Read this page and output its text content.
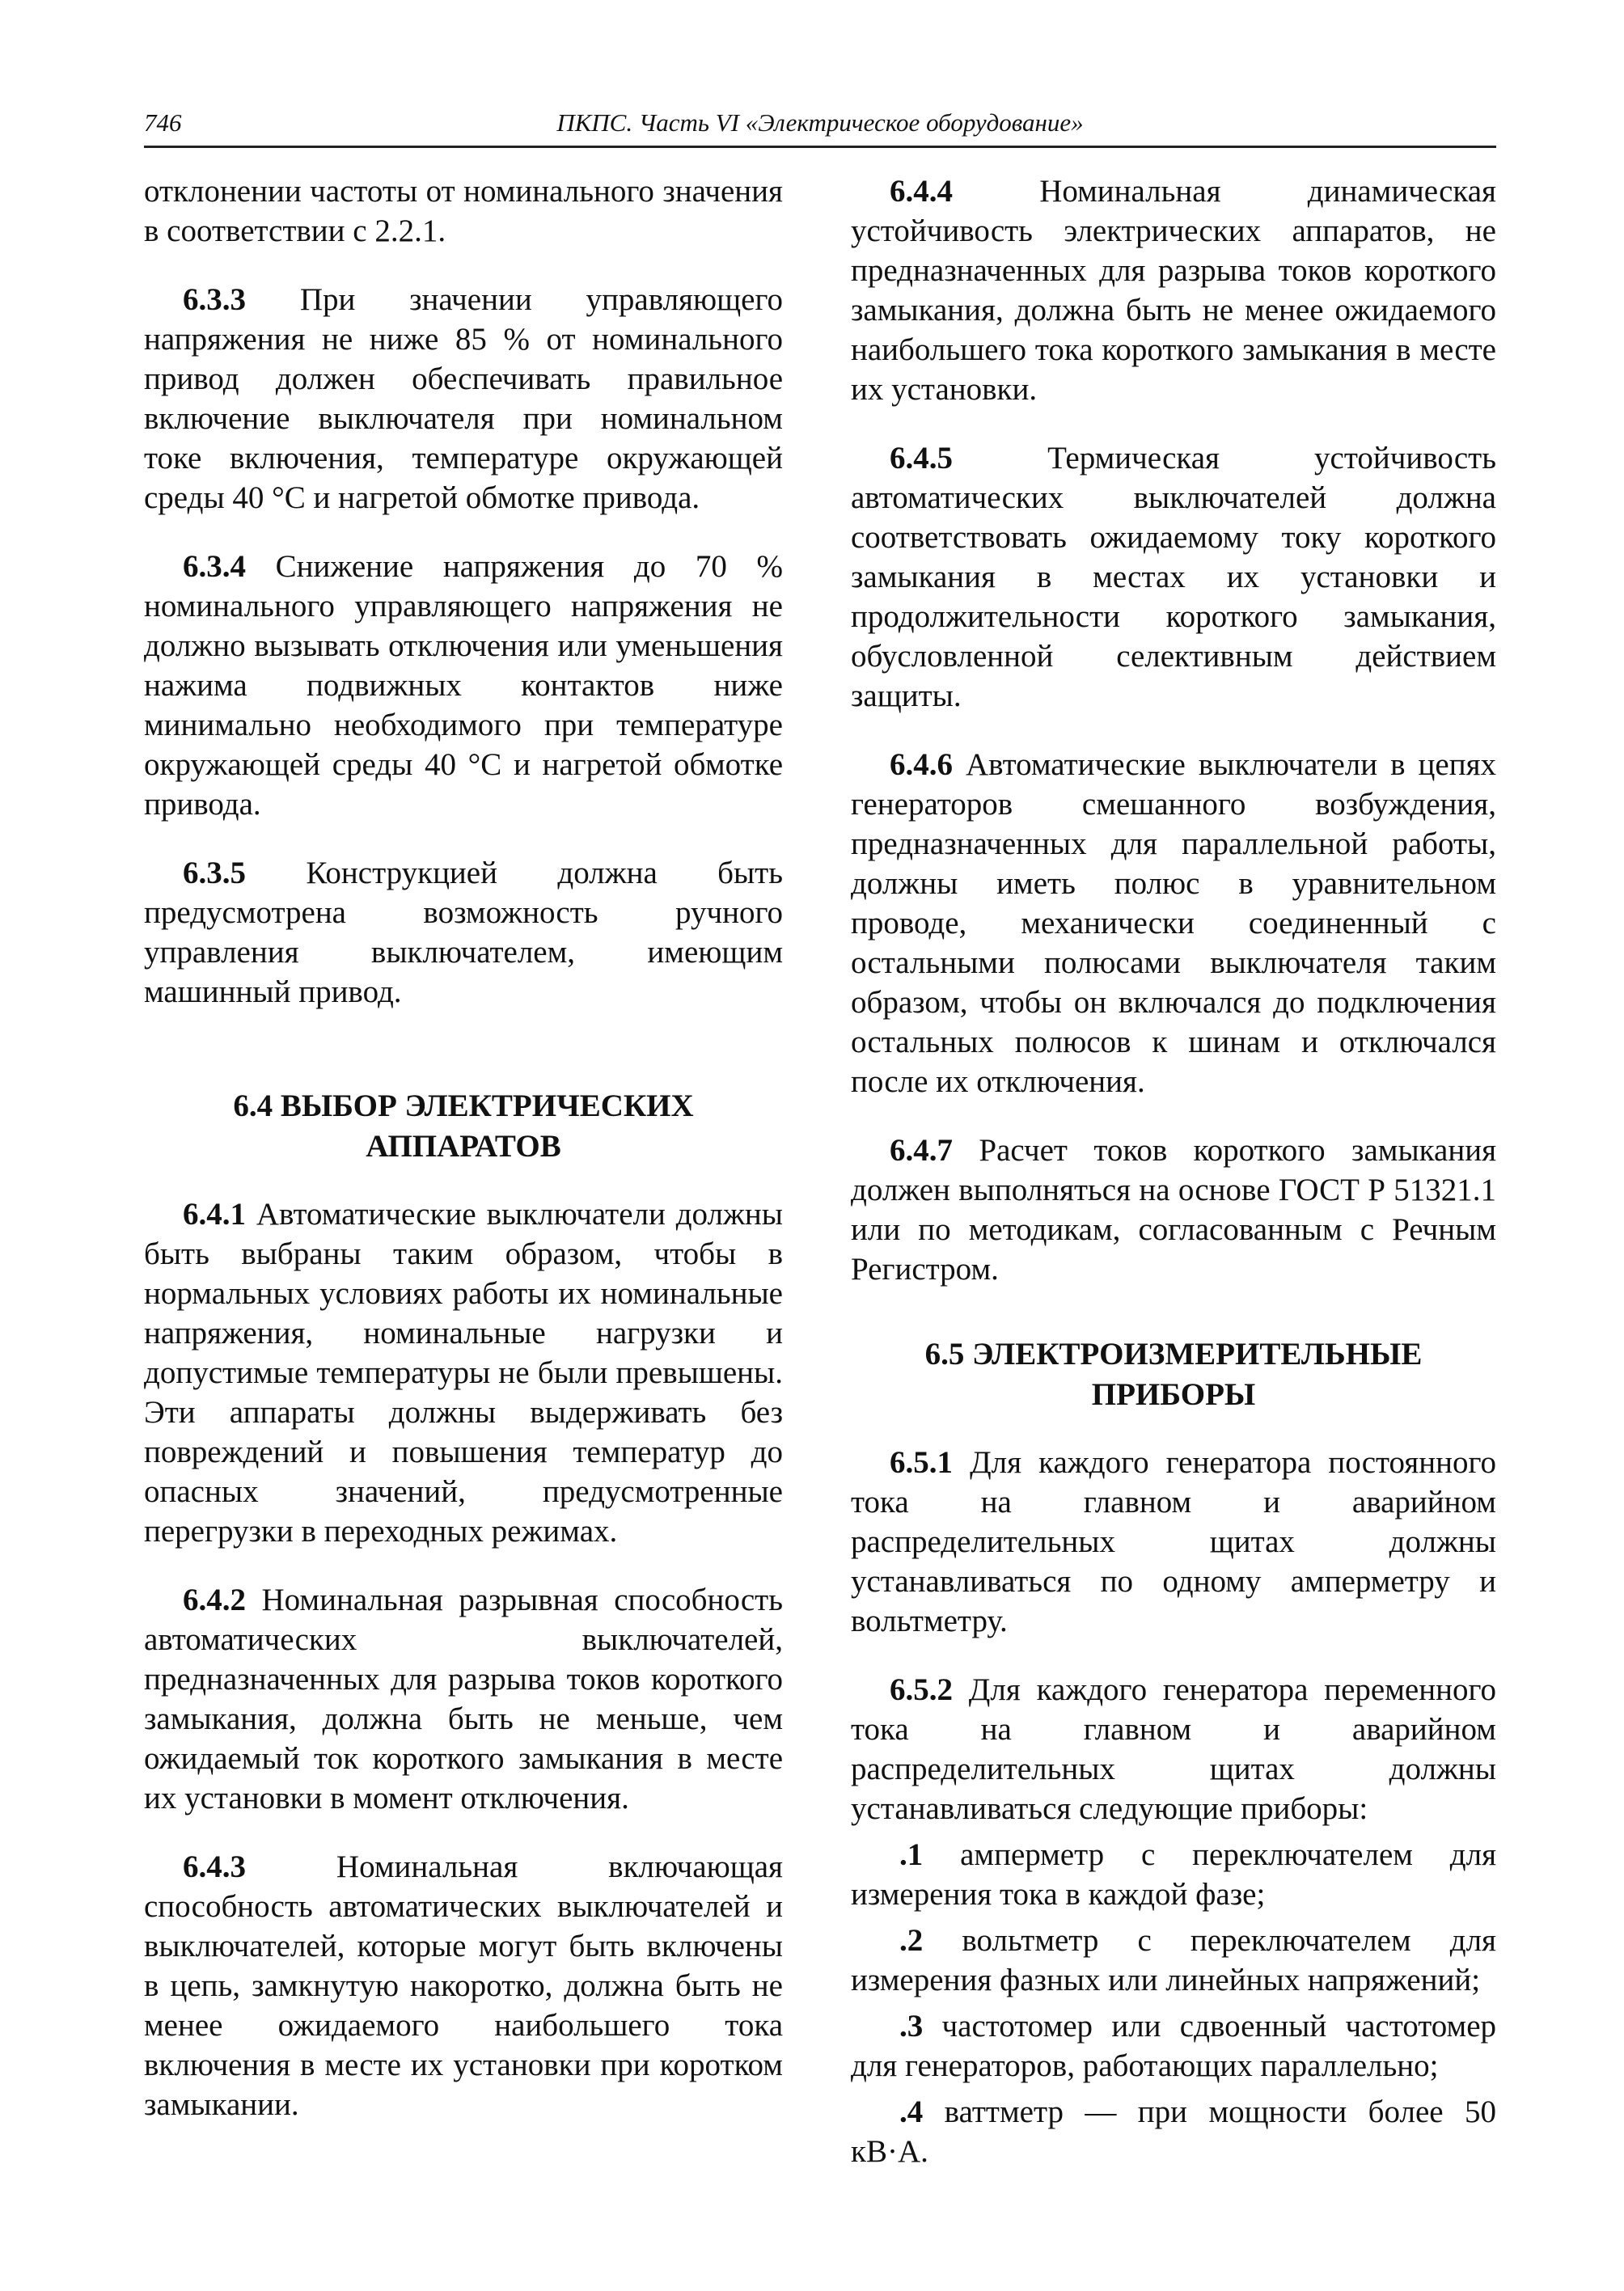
746	ПКПС. Часть VI «Электрическое оборудование»

отклонении частоты от номинального значения в соответствии с 2.2.1.

6.3.3 При значении управляющего напряжения не ниже 85 % от номинального привод должен обеспечивать правильное включение выключателя при номинальном токе включения, температуре окружающей среды 40 °С и нагретой обмотке привода.

6.3.4 Снижение напряжения до 70 % номинального управляющего напряжения не должно вызывать отключения или уменьшения нажима подвижных контактов ниже минимально необходимого при температуре окружающей среды 40 °С и нагретой обмотке привода.

6.3.5 Конструкцией должна быть предусмотрена возможность ручного управления выключателем, имеющим машинный привод.

6.4 ВЫБОР ЭЛЕКТРИЧЕСКИХ
АППАРАТОВ

6.4.1 Автоматические выключатели должны быть выбраны таким образом, чтобы в нормальных условиях работы их номинальные напряжения, номинальные нагрузки и допустимые температуры не были превышены. Эти аппараты должны выдерживать без повреждений и повышения температур до опасных значений, предусмотренные перегрузки в переходных режимах.

6.4.2 Номинальная разрывная способность автоматических выключателей, предназначенных для разрыва токов короткого замыкания, должна быть не меньше, чем ожидаемый ток короткого замыкания в месте их установки в момент отключения.

6.4.3	Номинальная включающая способность автоматических выключателей и выключателей, которые могут быть включены в цепь, замкнутую накоротко, должна быть не менее ожидаемого наибольшего тока включения в месте их установки при коротком замыкании.

6.4.4	Номинальная динамическая устойчивость электрических аппаратов, не предназначенных для разрыва токов короткого замыкания, должна быть не менее ожидаемого наибольшего тока короткого замыкания в месте их установки.

6.4.5	Термическая устойчивость автоматических выключателей должна соответствовать ожидаемому току короткого замыкания в местах их установки и продолжительности короткого замыкания, обусловленной селективным действием защиты.

6.4.6 Автоматические выключатели в цепях генераторов смешанного возбуждения, предназначенных для параллельной работы, должны иметь полюс в уравнительном проводе, механически соединенный с остальными полюсами выключателя таким образом, чтобы он включался до подключения остальных полюсов к шинам и отключался после их отключения.

6.4.7 Расчет токов короткого замыкания должен выполняться на основе ГОСТ Р 51321.1 или по методикам, согласованным с Речным Регистром.

6.5 ЭЛЕКТРОИЗМЕРИТЕЛЬНЫЕ
ПРИБОРЫ

6.5.1 Для каждого генератора постоянного тока на главном и аварийном распределительных щитах должны устанавливаться по одному амперметру и вольтметру.

6.5.2 Для каждого генератора переменного тока на главном и аварийном распределительных щитах должны устанавливаться следующие приборы:

.1 амперметр с переключателем для измерения тока в каждой фазе;

.2 вольтметр с переключателем для измерения фазных или линейных напряжений;

.3 частотомер или сдвоенный частотомер для генераторов, работающих параллельно;

.4 ваттметр — при мощности более 50 кВ·А.
